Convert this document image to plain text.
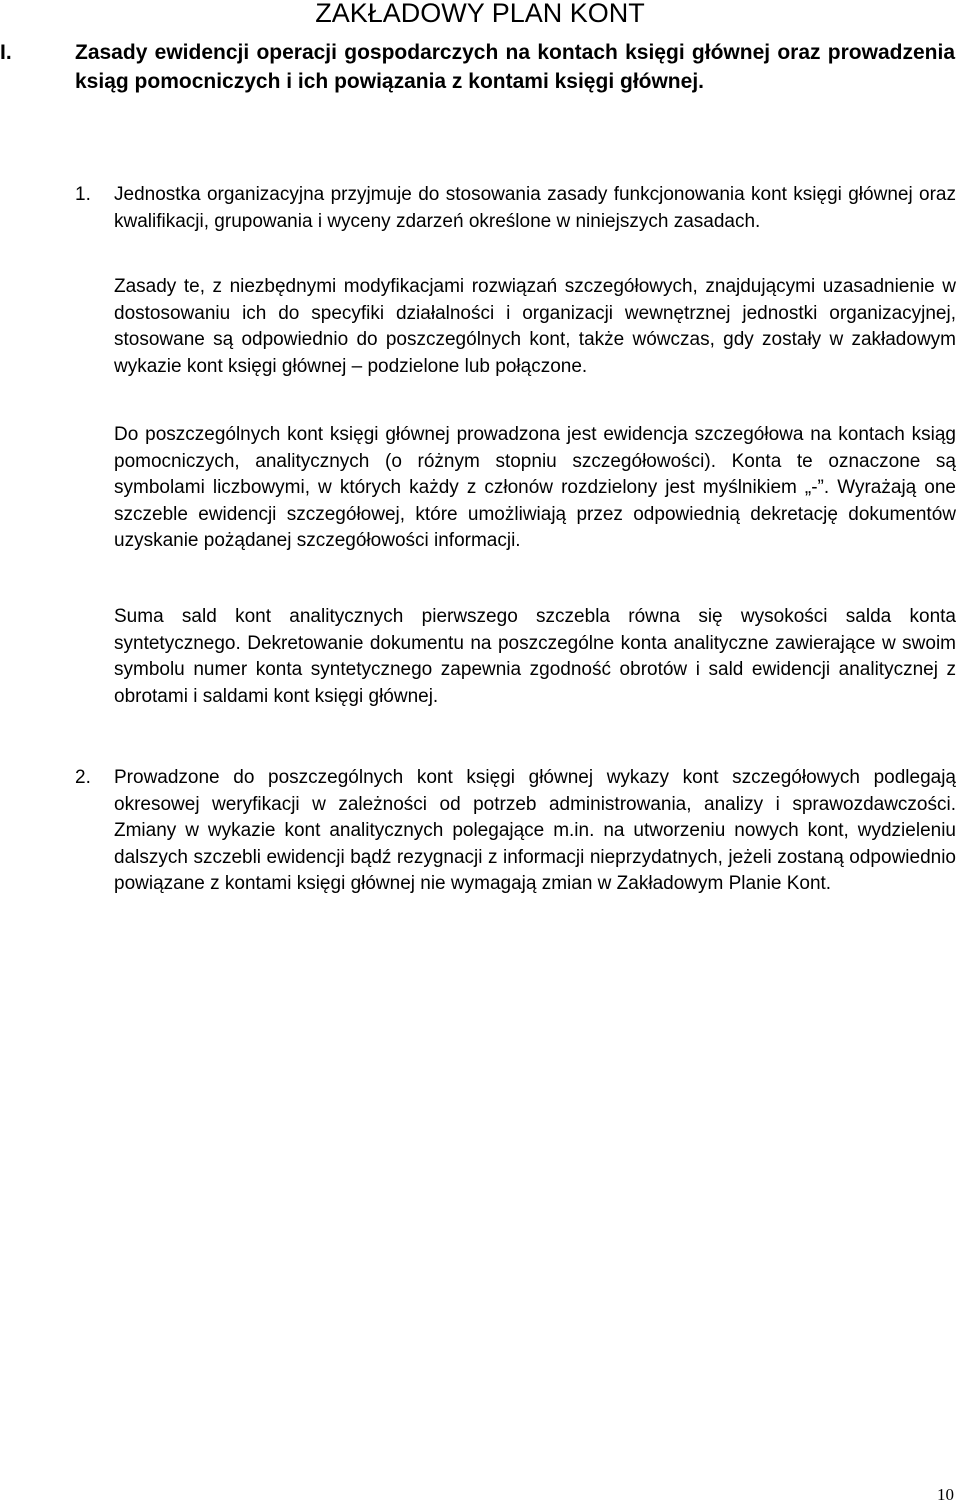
ZAKŁADOWY PLAN KONT
I.	Zasady ewidencji operacji gospodarczych na kontach księgi głównej oraz prowadzenia ksiąg pomocniczych i ich powiązania z kontami księgi głównej.
1. Jednostka organizacyjna przyjmuje do stosowania zasady funkcjonowania kont księgi głównej oraz kwalifikacji, grupowania i wyceny zdarzeń określone w niniejszych zasadach.

Zasady te, z niezbędnymi modyfikacjami rozwiązań szczegółowych, znajdującymi uzasadnienie w dostosowaniu ich do specyfiki działalności i organizacji wewnętrznej jednostki organizacyjnej, stosowane są odpowiednio do poszczególnych kont, także wówczas, gdy zostały w zakładowym wykazie kont księgi głównej – podzielone lub połączone.

Do poszczególnych kont księgi głównej prowadzona jest ewidencja szczegółowa na kontach ksiąg pomocniczych, analitycznych (o różnym stopniu szczegółowości). Konta te oznaczone są symbolami liczbowymi, w których każdy z członów rozdzielony jest myślnikiem „-”. Wyrażają one szczeble ewidencji szczegółowej, które umożliwiają przez odpowiednią dekretację dokumentów uzyskanie pożądanej szczegółowości informacji.

Suma sald kont analitycznych pierwszego szczebla równa się wysokości salda konta syntetycznego. Dekretowanie dokumentu na poszczególne konta analityczne zawierające w swoim symbolu numer konta syntetycznego zapewnia zgodność obrotów i sald ewidencji analitycznej z obrotami i saldami kont księgi głównej.

2. Prowadzone do poszczególnych kont księgi głównej wykazy kont szczegółowych podlegają okresowej weryfikacji w zależności od potrzeb administrowania, analizy i sprawozdawczości. Zmiany w wykazie kont analitycznych polegające m.in. na utworzeniu nowych kont, wydzieleniu dalszych szczebli ewidencji bądź rezygnacji z informacji nieprzydatnych, jeżeli zostaną odpowiednio powiązane z kontami księgi głównej nie wymagają zmian w Zakładowym Planie Kont.

10
